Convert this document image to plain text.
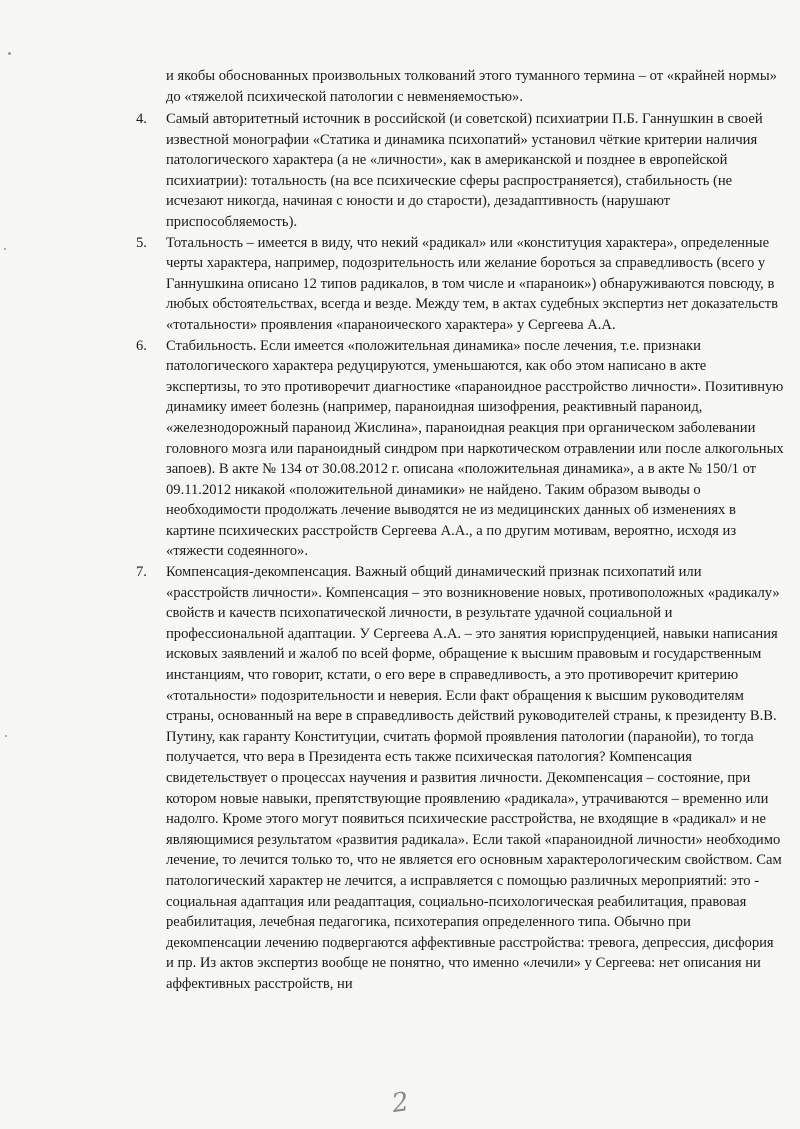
и якобы обоснованных произвольных толкований этого туманного термина – от «крайней нормы» до «тяжелой психической патологии с невменяемостью».

4.	Самый авторитетный источник в российской (и советской) психиатрии П.Б. Ганнушкин в своей известной монографии «Статика и динамика психопатий» установил чёткие критерии наличия патологического характера (а не «личности», как в американской и позднее в европейской психиатрии): тотальность (на все психические сферы распространяется), стабильность (не исчезают никогда, начиная с юности и до старости), дезадаптивность (нарушают приспособляемость).
5.	Тотальность – имеется в виду, что некий «радикал» или «конституция характера», определенные черты характера, например, подозрительность или желание бороться за справедливость (всего у Ганнушкина описано 12 типов радикалов, в том числе и «параноик») обнаруживаются повсюду, в любых обстоятельствах, всегда и везде. Между тем, в актах судебных экспертиз нет доказательств «тотальности» проявления «параноического характера» у Сергеева А.А.
6.	Стабильность. Если имеется «положительная динамика» после лечения, т.е. признаки патологического характера редуцируются, уменьшаются, как обо этом написано в акте экспертизы, то это противоречит диагностике «параноидное расстройство личности». Позитивную динамику имеет болезнь (например, параноидная шизофрения, реактивный параноид, «железнодорожный параноид Жислина», параноидная реакция при органическом заболевании головного мозга или параноидный синдром при наркотическом отравлении или после алкогольных запоев). В акте № 134 от 30.08.2012 г. описана «положительная динамика», а в акте № 150/1 от 09.11.2012 никакой «положительной динамики» не найдено. Таким образом выводы о необходимости продолжать лечение выводятся не из медицинских данных об изменениях в картине психических расстройств Сергеева А.А., а по другим мотивам, вероятно, исходя из «тяжести содеянного».
7.	Компенсация-декомпенсация. Важный общий динамический признак психопатий или «расстройств личности». Компенсация – это возникновение новых, противоположных «радикалу» свойств и качеств психопатической личности, в результате удачной социальной и профессиональной адаптации. У Сергеева А.А. – это занятия юриспруденцией, навыки написания исковых заявлений и жалоб по всей форме, обращение к высшим правовым и государственным инстанциям, что говорит, кстати, о его вере в справедливость, а это противоречит критерию «тотальности» подозрительности и неверия. Если факт обращения к высшим руководителям страны, основанный на вере в справедливость действий руководителей страны, к президенту В.В. Путину, как гаранту Конституции, считать формой проявления патологии (паранойи), то тогда получается, что вера в Президента есть также психическая патология? Компенсация свидетельствует о процессах научения и развития личности. Декомпенсация – состояние, при котором новые навыки, препятствующие проявлению «радикала», утрачиваются – временно или надолго. Кроме этого могут появиться психические расстройства, не входящие в «радикал» и не являющимися результатом «развития радикала». Если такой «параноидной личности» необходимо лечение, то лечится только то, что не является его основным характерологическим свойством. Сам патологический характер не лечится, а исправляется с помощью различных мероприятий: это - социальная адаптация или реадаптация, социально-психологическая реабилитация, правовая реабилитация, лечебная педагогика, психотерапия определенного типа. Обычно при декомпенсации лечению подвергаются аффективные расстройства: тревога, депрессия, дисфория и пр. Из актов экспертиз вообще не понятно, что именно «лечили» у Сергеева: нет описания ни аффективных расстройств, ни
2
